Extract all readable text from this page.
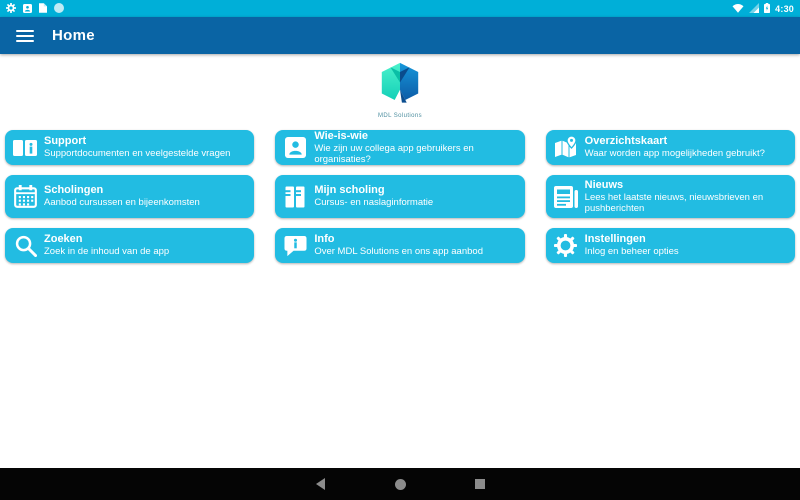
4:30
Home
MDL Solutions
Support
Supportdocumenten en veelgestelde vragen
Wie-is-wie
Wie zijn uw collega app gebruikers en organisaties?
Overzichtskaart
Waar worden app mogelijkheden gebruikt?
Scholingen
Aanbod cursussen en bijeenkomsten
Mijn scholing
Cursus- en naslaginformatie
Nieuws
Lees het laatste nieuws, nieuwsbrieven en pushberichten
Zoeken
Zoek in de inhoud van de app
Info
Over MDL Solutions en ons app aanbod
Instellingen
Inlog en beheer opties
